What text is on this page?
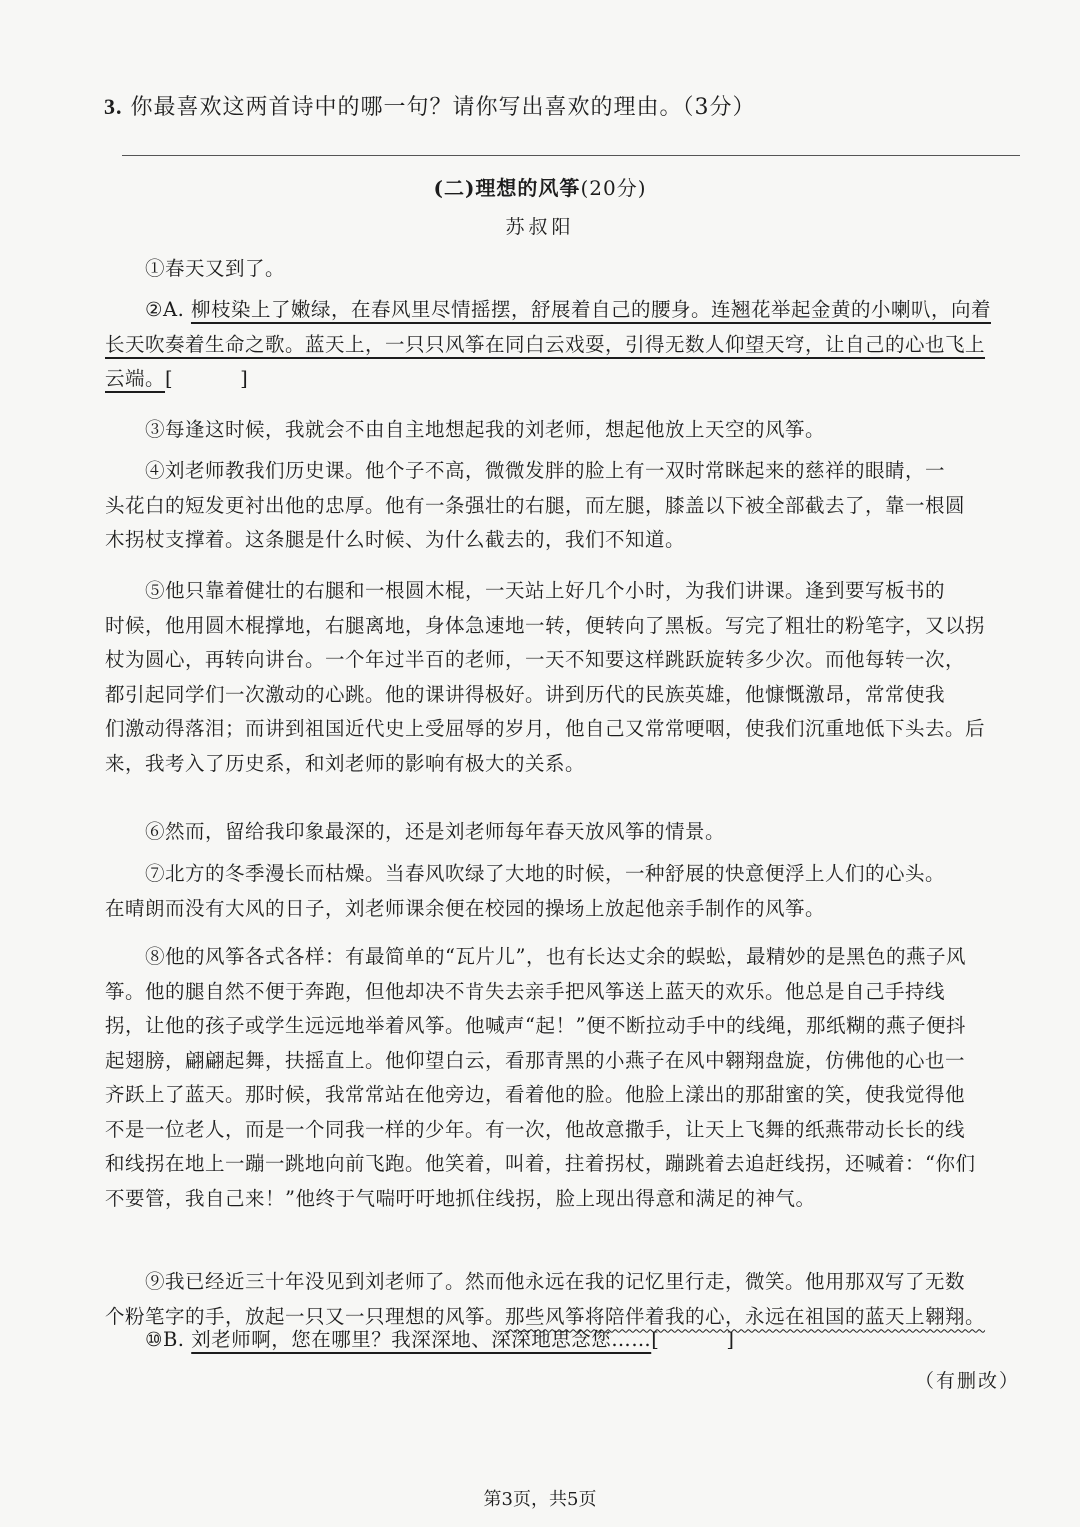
3. 你最喜欢这两首诗中的哪一句？请你写出喜欢的理由。（3分）
(二)理想的风筝(20分)
苏叔阳
①春天又到了。
②A. 柳枝染上了嫩绿，在春风里尽情摇摆，舒展着自己的腰身。连翘花举起金黄的小喇叭，向着
长天吹奏着生命之歌。蓝天上，一只只风筝在同白云戏耍，引得无数人仰望天穹，让自己的心也飞上
云端。[          ]
③每逢这时候，我就会不由自主地想起我的刘老师，想起他放上天空的风筝。
④刘老师教我们历史课。他个子不高，微微发胖的脸上有一双时常眯起来的慈祥的眼睛，一
头花白的短发更衬出他的忠厚。他有一条强壮的右腿，而左腿，膝盖以下被全部截去了，靠一根圆
木拐杖支撑着。这条腿是什么时候、为什么截去的，我们不知道。
⑤他只靠着健壮的右腿和一根圆木棍，一天站上好几个小时，为我们讲课。逢到要写板书的
时候，他用圆木棍撑地，右腿离地，身体急速地一转，便转向了黑板。写完了粗壮的粉笔字，又以拐
杖为圆心，再转向讲台。一个年过半百的老师，一天不知要这样跳跃旋转多少次。而他每转一次，
都引起同学们一次激动的心跳。他的课讲得极好。讲到历代的民族英雄，他慷慨激昂，常常使我
们激动得落泪；而讲到祖国近代史上受屈辱的岁月，他自己又常常哽咽，使我们沉重地低下头去。后
来，我考入了历史系，和刘老师的影响有极大的关系。
⑥然而，留给我印象最深的，还是刘老师每年春天放风筝的情景。
⑦北方的冬季漫长而枯燥。当春风吹绿了大地的时候，一种舒展的快意便浮上人们的心头。
在晴朗而没有大风的日子，刘老师课余便在校园的操场上放起他亲手制作的风筝。
⑧他的风筝各式各样：有最简单的“瓦片儿”，也有长达丈余的蜈蚣，最精妙的是黑色的燕子风
筝。他的腿自然不便于奔跑，但他却决不肯失去亲手把风筝送上蓝天的欢乐。他总是自己手持线
拐，让他的孩子或学生远远地举着风筝。他喊声“起！”便不断拉动手中的线绳，那纸糊的燕子便抖
起翅膀，翩翩起舞，扶摇直上。他仰望白云，看那青黑的小燕子在风中翱翔盘旋，仿佛他的心也一
齐跃上了蓝天。那时候，我常常站在他旁边，看着他的脸。他脸上漾出的那甜蜜的笑，使我觉得他
不是一位老人，而是一个同我一样的少年。有一次，他故意撒手，让天上飞舞的纸燕带动长长的线
和线拐在地上一蹦一跳地向前飞跑。他笑着，叫着，拄着拐杖，蹦跳着去追赶线拐，还喊着：“你们
不要管，我自己来！”他终于气喘吁吁地抓住线拐，脸上现出得意和满足的神气。
⑨我已经近三十年没见到刘老师了。然而他永远在我的记忆里行走，微笑。他用那双写了无数
个粉笔字的手，放起一只又一只理想的风筝。那些风筝将陪伴着我的心，永远在祖国的蓝天上翱翔。
⑩B. 刘老师啊，您在哪里？我深深地、深深地思念您……[          ]
（有删改）
第3页，共5页
